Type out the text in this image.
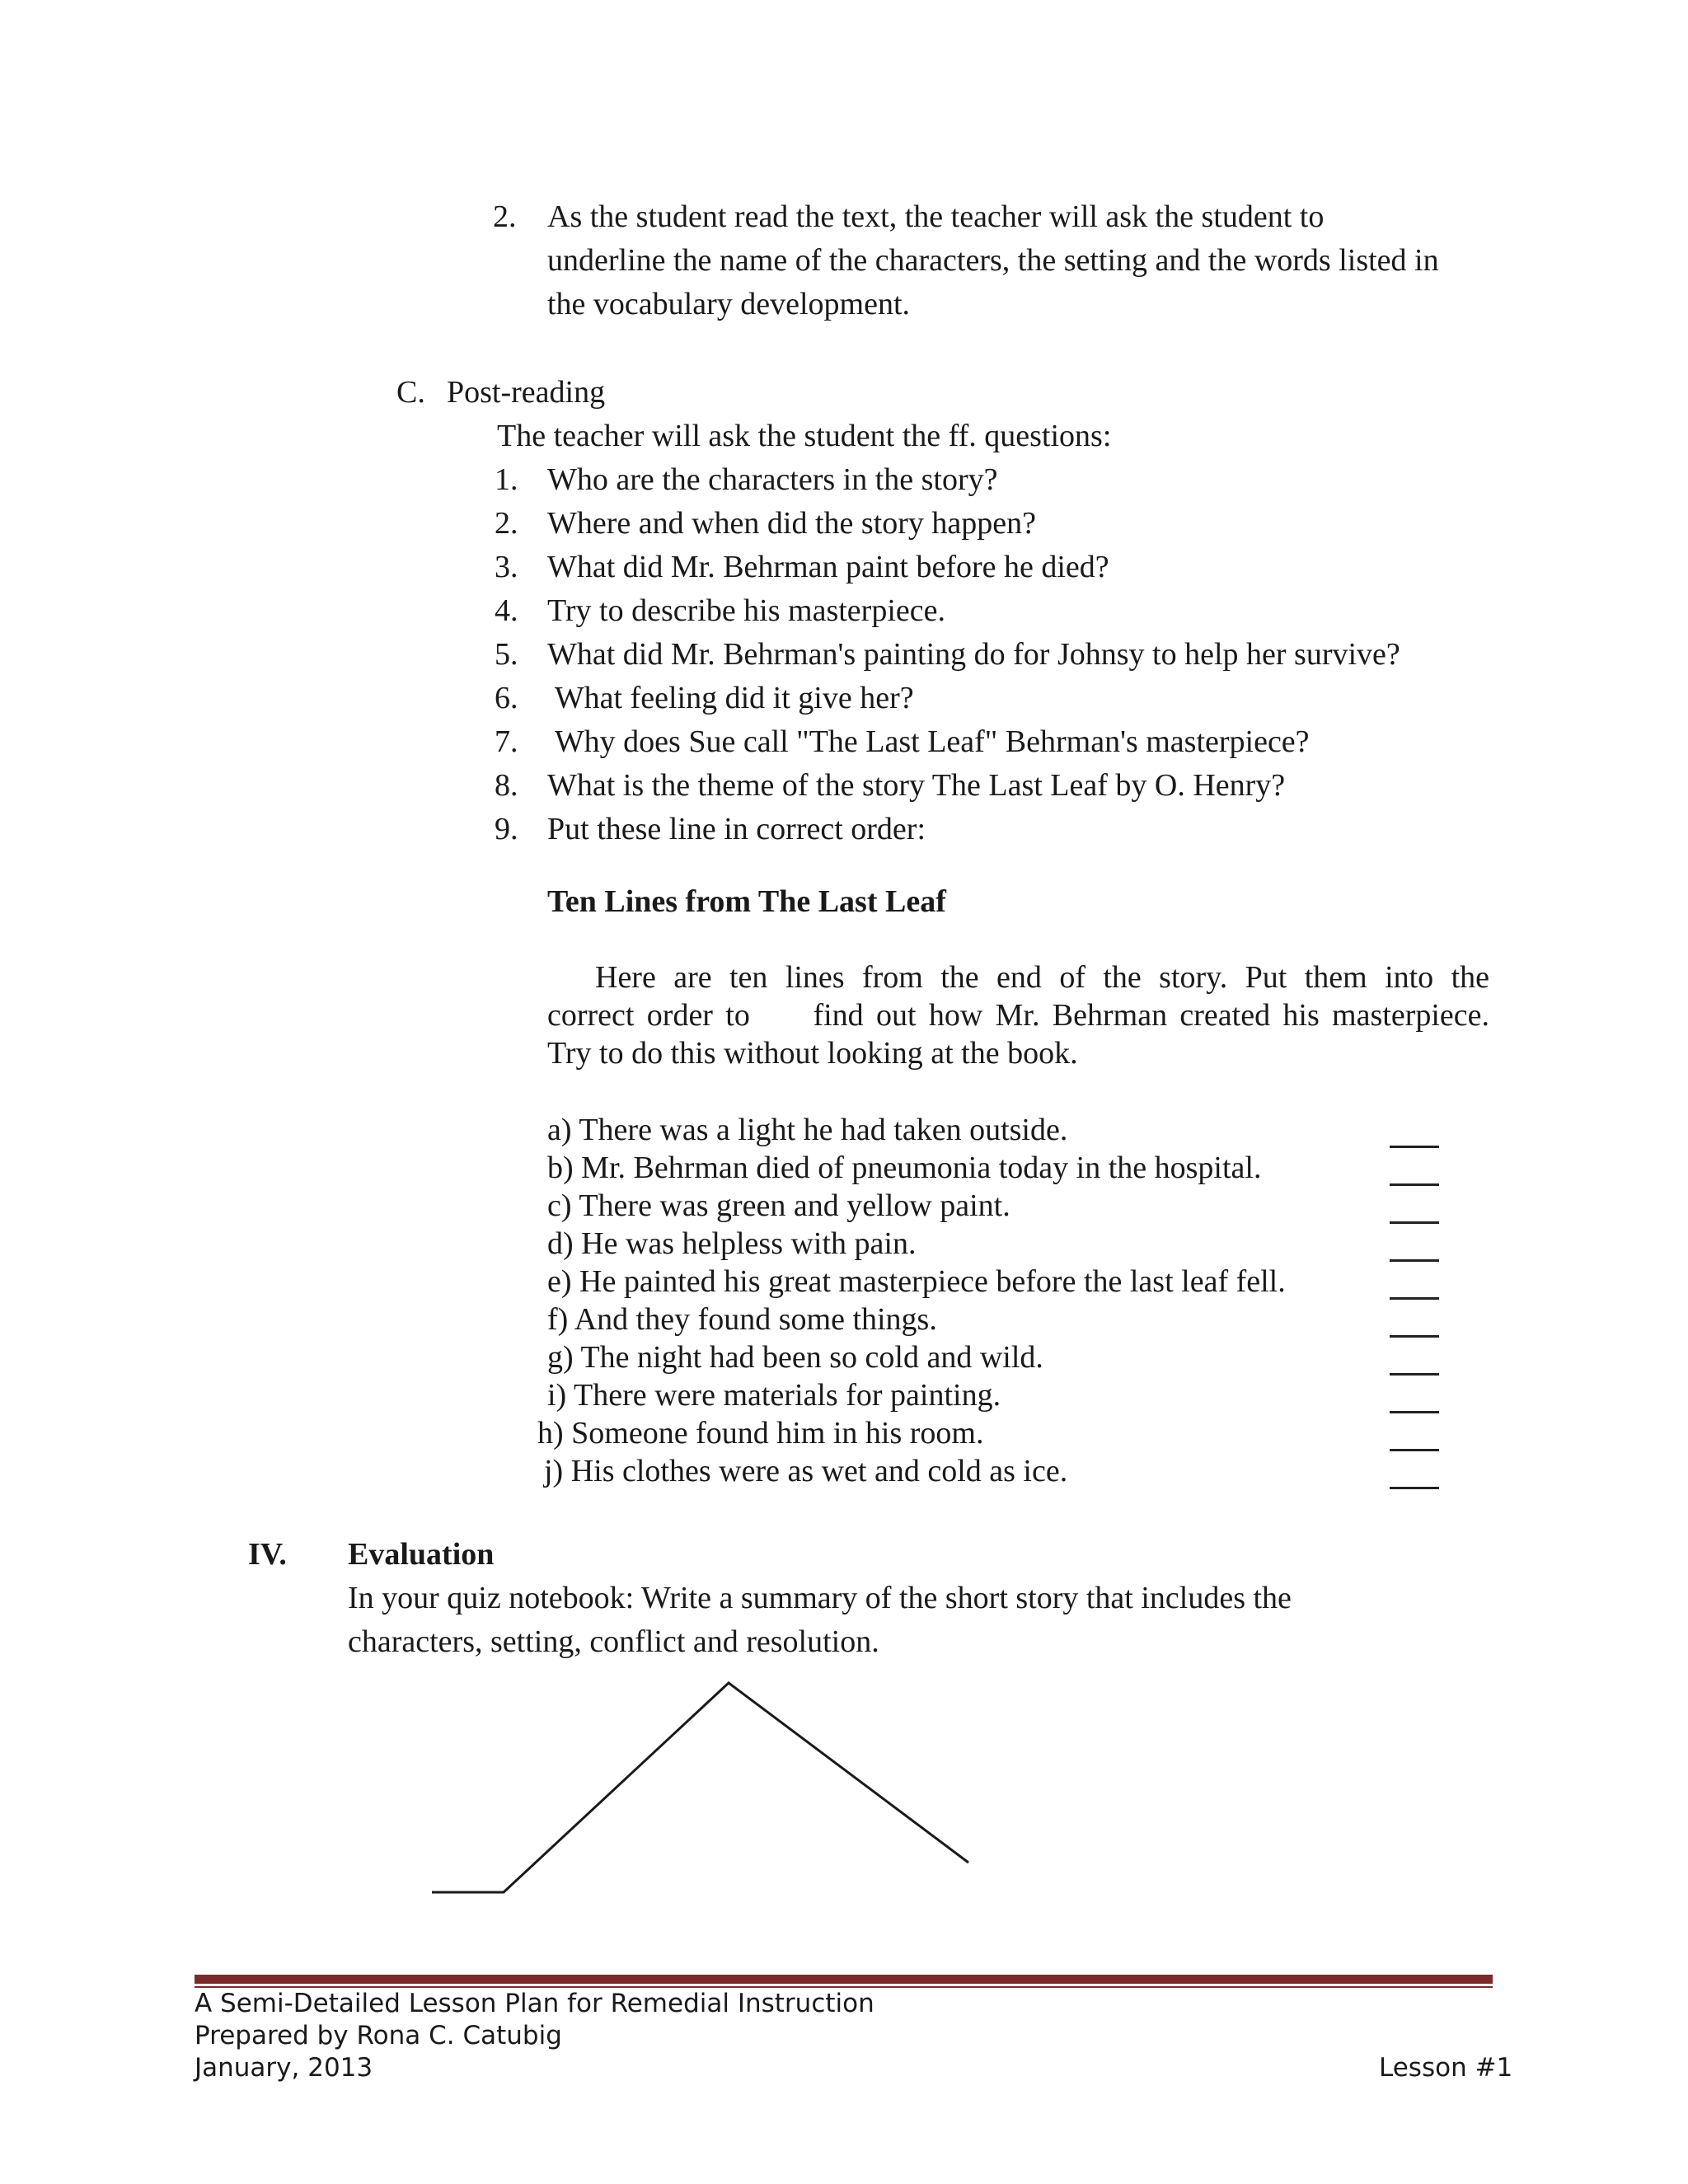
2. As the student read the text, the teacher will ask the student to
underline the name of the characters, the setting and the words listed in
the vocabulary development.
C. Post-reading
The teacher will ask the student the ff. questions:
1. Who are the characters in the story?
2. Where and when did the story happen?
3. What did Mr. Behrman paint before he died?
4. Try to describe his masterpiece.
5. What did Mr. Behrman's painting do for Johnsy to help her survive?
6. What feeling did it give her?
7. Why does Sue call "The Last Leaf" Behrman's masterpiece?
8. What is the theme of the story The Last Leaf by O. Henry?
9. Put these line in correct order:
Ten Lines from The Last Leaf
Here are ten lines from the end of the story. Put them into the
correct order to     find out how Mr. Behrman created his masterpiece.
Try to do this without looking at the book.
a) There was a light he had taken outside.
b) Mr. Behrman died of pneumonia today in the hospital.
c) There was green and yellow paint.
d) He was helpless with pain.
e) He painted his great masterpiece before the last leaf fell.
f) And they found some things.
g) The night had been so cold and wild.
i) There were materials for painting.
h) Someone found him in his room.
j) His clothes were as wet and cold as ice.
IV. Evaluation
In your quiz notebook: Write a summary of the short story that includes the
characters, setting, conflict and resolution.
A Semi-Detailed Lesson Plan for Remedial Instruction
Prepared by Rona C. Catubig
January, 2013	Lesson #1
